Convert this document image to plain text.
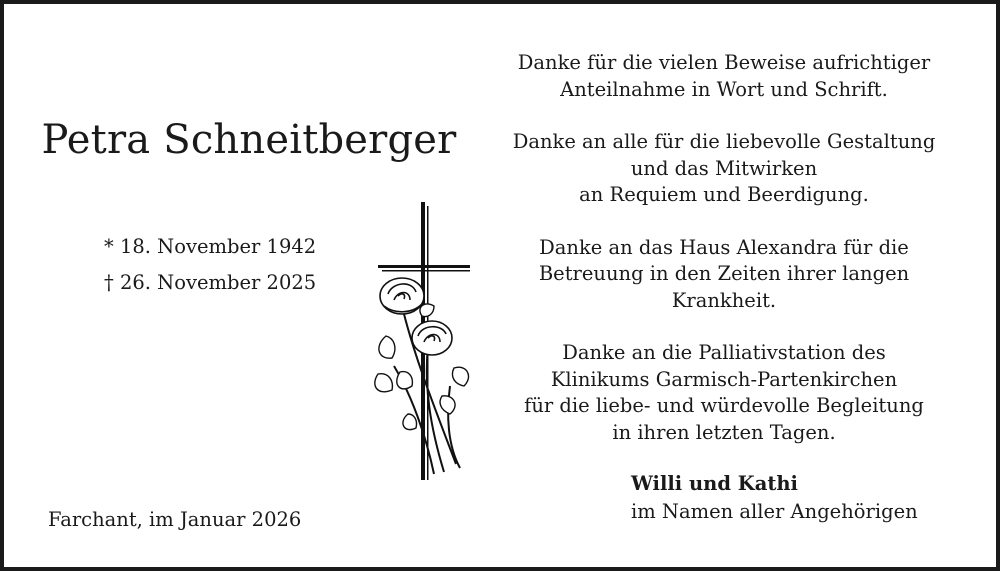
Petra Schneitberger
* 18. November 1942
† 26. November 2025
Danke für die vielen Beweise aufrichtiger
Anteilnahme in Wort und Schrift.
Danke an alle für die liebevolle Gestaltung
und das Mitwirken
an Requiem und Beerdigung.
Danke an das Haus Alexandra für die
Betreuung in den Zeiten ihrer langen
Krankheit.
Danke an die Palliativstation des
Klinikums Garmisch-Partenkirchen
für die liebe- und würdevolle Begleitung
in ihren letzten Tagen.
Willi und Kathi
im Namen aller Angehörigen
Farchant, im Januar 2026
